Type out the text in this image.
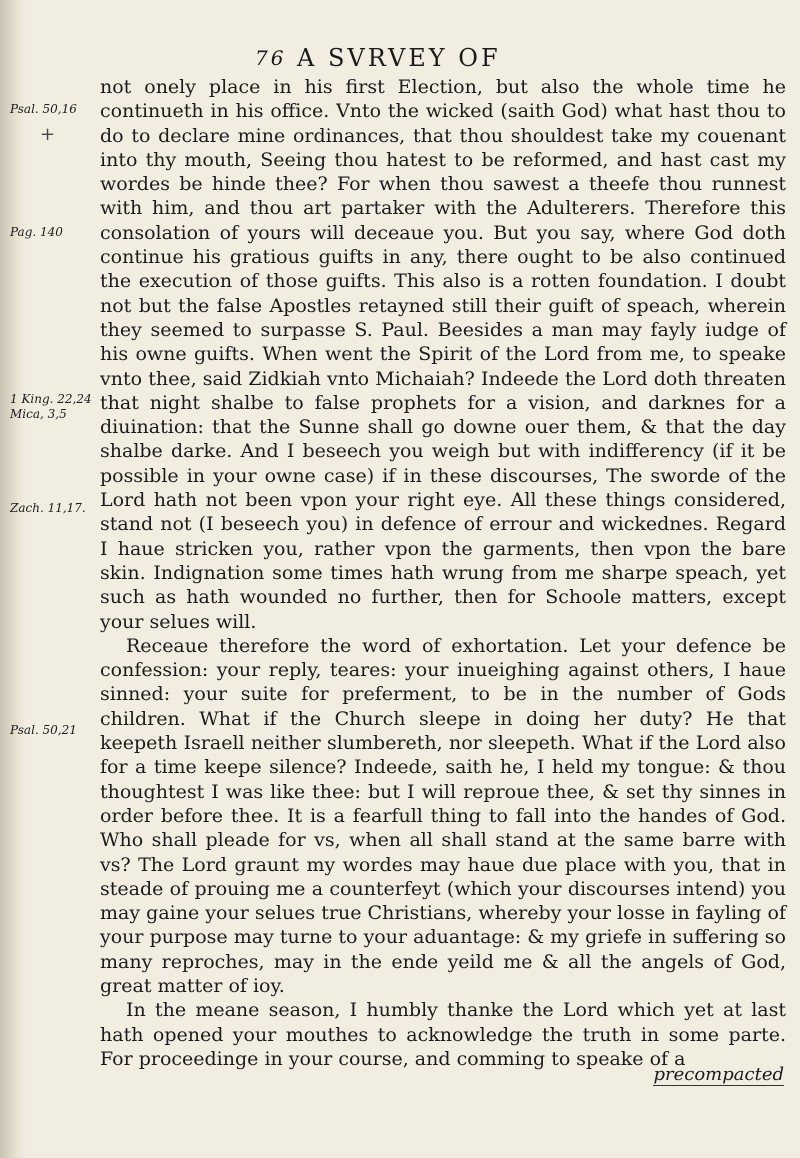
76 A SVRVEY OF
Psal. 50,16
+
Pag. 140
1 King. 22,24
Mica, 3,5
Zach. 11,17.
Psal. 50,21

not onely place in his first Election, but also the whole time he continueth in his office. Vnto the wicked (saith God) what hast thou to do to declare mine ordinances, that thou shouldest take my couenant into thy mouth, Seeing thou hatest to be reformed, and hast cast my wordes be hinde thee? For when thou sawest a theefe thou runnest with him, and thou art partaker with the Adulterers. Therefore this consolation of yours will deceaue you. But you say, where God doth continue his gratious guifts in any, there ought to be also continued the execution of those guifts. This also is a rotten foundation. I doubt not but the false Apostles retayned still their guift of speach, wherein they seemed to surpasse S. Paul. Beesides a man may fayly iudge of his owne guifts. When went the Spirit of the Lord from me, to speake vnto thee, said Zidkiah vnto Michaiah? Indeede the Lord doth threaten that night shalbe to false prophets for a vision, and darknes for a diuination: that the Sunne shall go downe ouer them, & that the day shalbe darke. And I beseech you weigh but with indifferency (if it be possible in your owne case) if in these discourses, The sworde of the Lord hath not been vpon your right eye. All these things considered, stand not (I beseech you) in defence of errour and wickednes. Regard I haue stricken you, rather vpon the garments, then vpon the bare skin. Indignation some times hath wrung from me sharpe speach, yet such as hath wounded no further, then for Schoole matters, except your selues will.

Receaue therefore the word of exhortation. Let your defence be confession: your reply, teares: your inueighing against others, I haue sinned: your suite for preferment, to be in the number of Gods children. What if the Church sleepe in doing her duty? He that keepeth Israell neither slumbereth, nor sleepeth. What if the Lord also for a time keepe silence? Indeede, saith he, I held my tongue: & thou thoughtest I was like thee: but I will reproue thee, & set thy sinnes in order before thee. It is a fearfull thing to fall into the handes of God. Who shall pleade for vs, when all shall stand at the same barre with vs? The Lord graunt my wordes may haue due place with you, that in steade of prouing me a counterfeyt (which your discourses intend) you may gaine your selues true Christians, whereby your losse in fayling of your purpose may turne to your aduantage: & my griefe in suffering so many reproches, may in the ende yeild me & all the angels of God, great matter of ioy.

In the meane season, I humbly thanke the Lord which yet at last hath opened your mouthes to acknowledge the truth in some parte. For proceedinge in your course, and comming to speake of a

precompacted
